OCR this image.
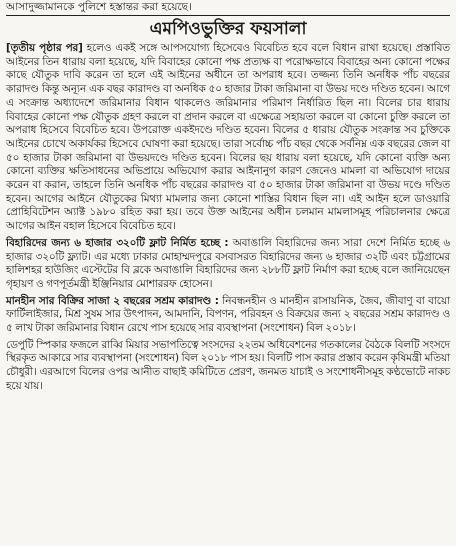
আসাদুজ্জামানকে পুলিশে হস্তান্তর করা হয়েছে।
এমপিওভুক্তির ফয়সালা

[তৃতীয় পৃষ্ঠার পর] হলেও একই সঙ্গে আপসযোগ্য হিসেবেও বিবেচিত হবে বলে বিধান রাখা হয়েছে। প্রস্তাবিত আইনের তিন ধারায় বলা হয়েছে, যদি বিবাহের কোনো পক্ষ প্রত্যক্ষ বা পরোক্ষভাবে বিবাহের অন্য কোনো পক্ষের কাছে যৌতুক দাবি করেন তা হলে এই আইনের অধীনে তা অপরাধ হবে। তজ্জন্য তিনি অনধিক পাঁচ বছরের কারাদণ্ড কিন্তু অন্যূন এক বছর কারাদণ্ড বা অনধিক ৫০ হাজার টাকা জরিমানা বা উভয় দণ্ডে দণ্ডিত হবেন। আগে এ সংক্রান্ত অধ্যাদেশে জরিমানার বিধান থাকলেও জরিমানার পরিমাণ নির্ধারিত ছিল না। বিলের চার ধারায় বিবাহের কোনো পক্ষ যৌতুক গ্রহণ করলে বা প্রদান করলে বা এক্ষেত্রে সহায়তা করলে বা কোনো চুক্তি করলে তা অপরাধ হিসেবে বিবেচিত হবে। উপরোক্ত একইদণ্ডে দণ্ডিত হবেন। বিলের ৫ ধারায় যৌতুক সংক্রান্ত সব চুক্তিকে আইনের চোখে অকার্যকর হিসেবে ঘোষণা করা হয়েছে। তারা সর্বোচ্চ পাঁচ বছর থেকে সর্বনিম্ন এক বছরের জেল বা ৫০ হাজার টাকা জরিমানা বা উভয়দণ্ডে দণ্ডিত হবেন। বিলের ছয় ধারায় বলা হয়েছে, যদি কোনো ব্যক্তি অন্য কোনো ব্যক্তির ক্ষতিসাধনের অভিপ্রায়ে অভিযোগ করার আইনানুগ কারণ জেনেও মামলা বা অভিযোগ দায়ের করেন বা করান, তাহলে তিনি অনধিক পাঁচ বছরের কারাদণ্ড বা ৫০ হাজার টাকা জরিমানা বা উভয় দণ্ডে দণ্ডিত হবেন। আগের আইনে যৌতুকের মিথ্যা মামলার জন্য কোনো শাস্তির বিধান ছিল না। এই আইন হলে ডাওয়ারি প্রোহিবিটেশন অ্যাক্ট ১৯৮০ রহিত করা হয়। তবে উক্ত আইনের অধীন চলমান মামলাসমূহ পরিচালনার ক্ষেত্রে আগের আইন বহাল হিসেবে বিবেচিত হবে।

বিহারিদের জন্য ৬ হাজার ৩২০টি ফ্লাট নির্মিত হচ্ছে : অবাঙালি বিহারিদের জন্য সারা দেশে নির্মিত হচ্ছে ৬ হাজার ৩২০টি ফ্ল্যাট। এর মধ্যে ঢাকার মোহাম্মদপুরে বসবাসরত বিহারিদের জন্য ৬ হাজার ৩২টি এবং চট্টগ্রামের হালিশহর হাউজিং এস্টেটের বি ব্লকে অবাঙালি বিহারিদের জন্য ২৮৮টি ফ্লাট নির্মাণ করা হচ্ছে বলে জানিয়েছেন গৃহায়ণ ও গণপূর্তমন্ত্রী ইঞ্জিনিয়ার মোশাররফ হোসেন।

মানহীন সার বিক্রির সাজা ২ বছরের সশ্রম কারাদণ্ড : নিবন্ধনহীন ও মানহীন রাসায়নিক, জৈব, জীবাণু বা বায়ো ফার্টিলাইজার, মিশ্র সুষম সার উৎপাদন, আমদানি, বিপণন, পরিবহন ও বিক্রয়ের জন্য ২ বছরের সশ্রম কারাদণ্ড ও ৫ লাখ টাকা জরিমানার বিধান রেখে পাস হয়েছে সার ব্যবস্থাপনা (সংশোধন) বিল ২০১৮।

ডেপুটি স্পিকার ফজলে রাব্বি মিয়ার সভাপতিত্বে সংসদের ২২তম অধিবেশনের গতকালের বৈঠকে বিলটি সংসদে স্থিরকৃত আকারে সার ব্যবস্থাপনা (সংশোধন) বিল ২০১৮ পাস হয়। বিলটি পাস করার প্রস্তাব করেন কৃষিমন্ত্রী মতিয়া চৌধুরী। এরআগে বিলের ওপর আনীত বাছাই কমিটিতে প্রেরণ, জনমত যাচাই ও সংশোধনীসমূহ কণ্ঠভোটে নাকচ হয়ে যায়।
